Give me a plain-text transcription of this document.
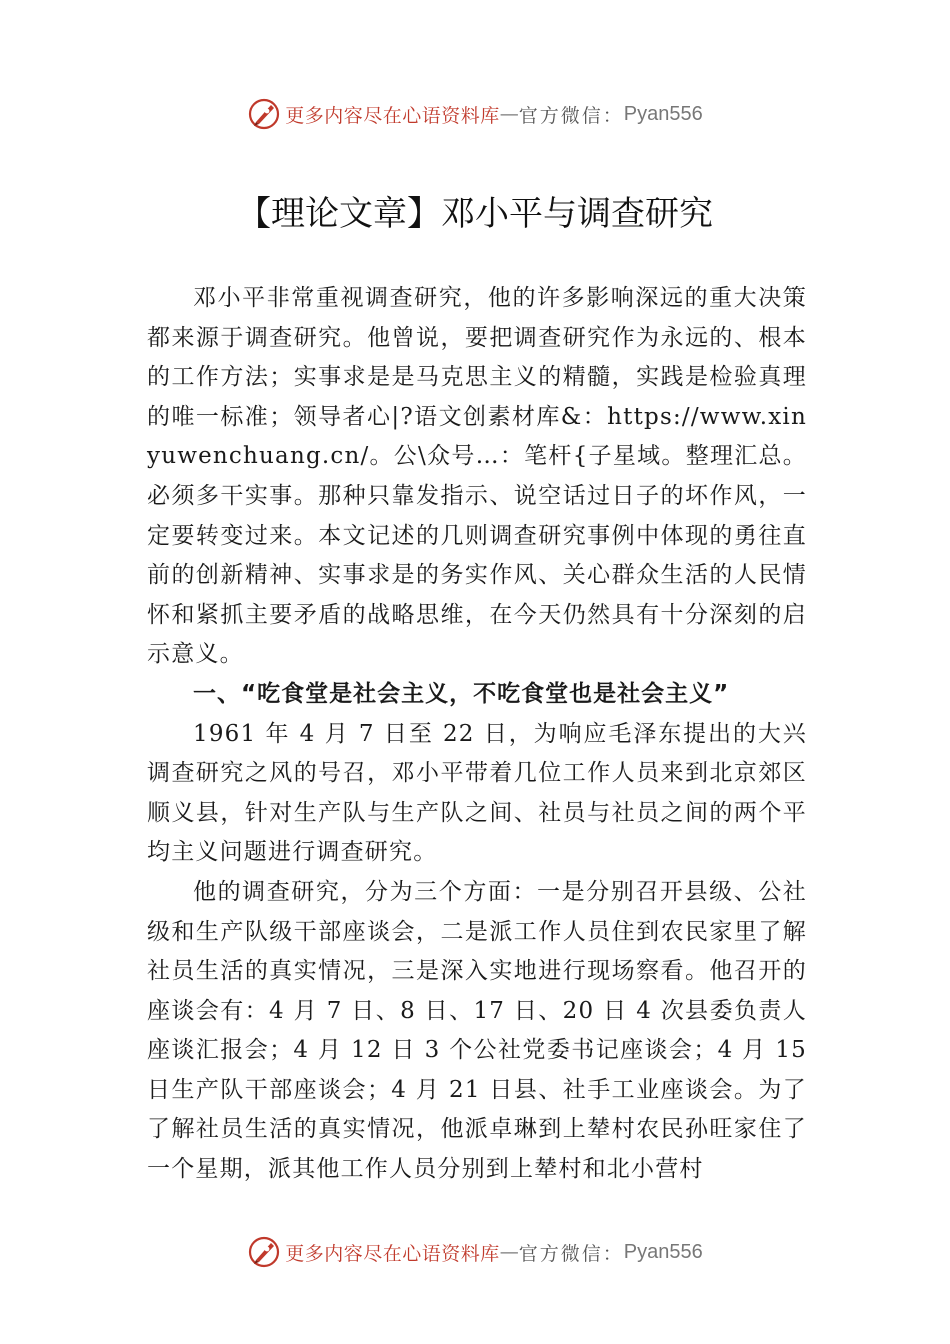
更多内容尽在心语资料库 — 官方微信： Pyan556
【理论文章】邓小平与调查研究

邓小平非常重视调查研究，他的许多影响深远的重大决策都来源于调查研究。他曾说，要把调查研究作为永远的、根本的工作方法；实事求是是马克思主义的精髓，实践是检验真理的唯一标准；领导者心|?语文创素材库&：https://www.xinyuwenchuang.cn/。公\众号…：笔杆{子星域。整理汇总。必须多干实事。那种只靠发指示、说空话过日子的坏作风，一定要转变过来。本文记述的几则调查研究事例中体现的勇往直前的创新精神、实事求是的务实作风、关心群众生活的人民情怀和紧抓主要矛盾的战略思维，在今天仍然具有十分深刻的启示意义。

一、“吃食堂是社会主义，不吃食堂也是社会主义”

1961 年 4 月 7 日至 22 日，为响应毛泽东提出的大兴调查研究之风的号召，邓小平带着几位工作人员来到北京郊区顺义县，针对生产队与生产队之间、社员与社员之间的两个平均主义问题进行调查研究。

他的调查研究，分为三个方面：一是分别召开县级、公社级和生产队级干部座谈会，二是派工作人员住到农民家里了解社员生活的真实情况，三是深入实地进行现场察看。他召开的座谈会有：4 月 7 日、8 日、17 日、20 日 4 次县委负责人座谈汇报会；4 月 12 日 3 个公社党委书记座谈会；4 月 15 日生产队干部座谈会；4 月 21 日县、社手工业座谈会。为了了解社员生活的真实情况，他派卓琳到上辇村农民孙旺家住了一个星期，派其他工作人员分别到上辇村和北小营村

更多内容尽在心语资料库 — 官方微信： Pyan556
